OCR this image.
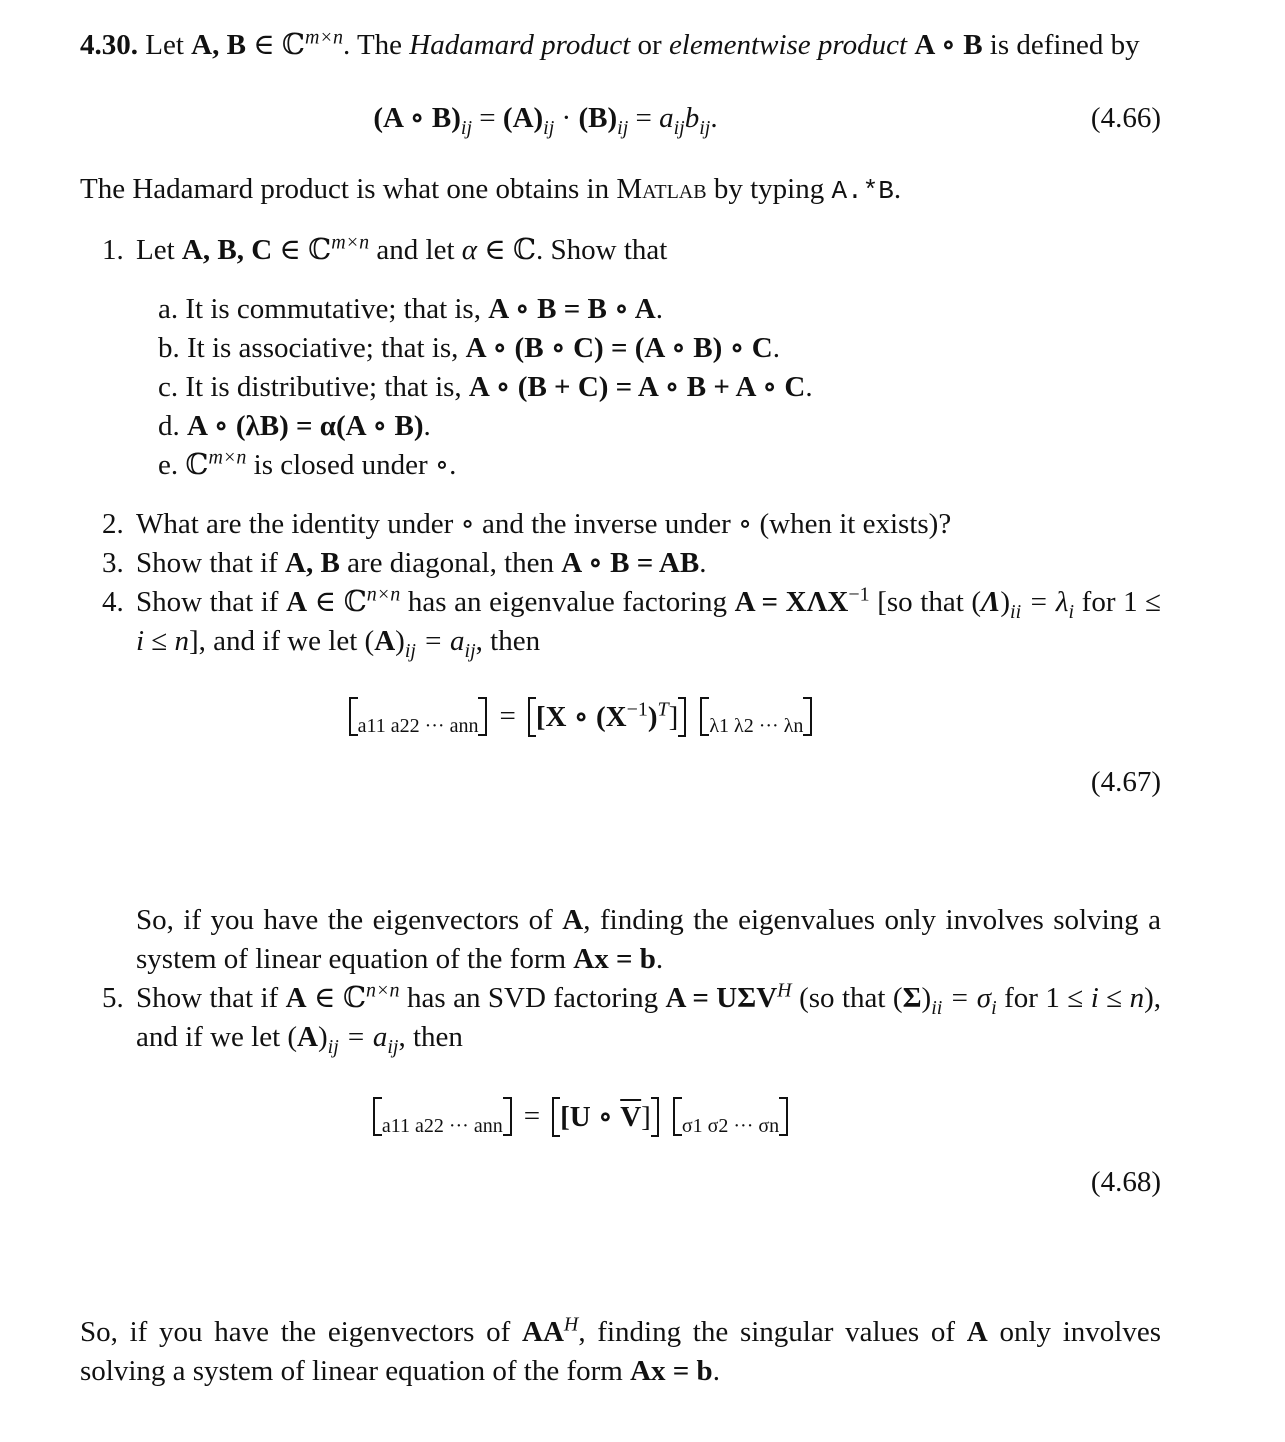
4.30. Let A, B ∈ ℂ$^{m\times n}$. The Hadamard product or elementwise product A ∘ B is defined by
(A ∘ $B)_{ij} = (A)_{ij} \cdot (B)_{ij} = a_{ij}b_{ij}$.	(4.66)
The Hadamard product is what one obtains in Matlab by typing A.*B.
1. Let A, B, C ∈ ℂ$^{m\times n}$ and let α ∈ ℂ. Show that
a. It is commutative; that is, A ∘ B = B ∘ A.
b. It is associative; that is, A ∘ (B ∘ C) = (A ∘ B) ∘ C.
c. It is distributive; that is, A ∘ (B + C) = A ∘ B + A ∘ C.
d. A ∘ (λB) = α(A ∘ B).
e. ℂ$^{m\times n}$ is closed under ∘.
2. What are the identity under ∘ and the inverse under ∘ (when it exists)?
3. Show that if A, B are diagonal, then A ∘ B = AB.
4. Show that if A ∈ ℂ$^{n\times n}$ has an eigenvalue factoring $A = X\Lambda X^{-1}$ [so that $(\Lambda)_{ii} = \lambda_i$ for 1 ≤ i ≤ n], and if we let $(A)_{ij} = a_{ij}$, then
$_{a11 a22 \cdot\cdot\cdot ann}$ = [X ∘ $(X^{-1})^T$]	$_{\lambda 1 \lambda 2 \cdot\cdot\cdot \lambda n}$
(4.67)
So, if you have the eigenvectors of A, finding the eigenvalues only involves solving a system of linear equation of the form Ax = b.
5. Show that if A ∈ ℂ$^{n\times n}$ has an SVD factoring $A = U\Sigma V^H$ (so that $(\Sigma)_{ii} = \sigma_i$ for 1 ≤ i ≤ n), and if we let $(A)_{ij} = a_{ij}$, then
$_{a11 a22 \cdot\cdot\cdot ann}$ = [U ∘ $\overline{V}$]	$_{\sigma 1 \sigma 2 \cdot\cdot\cdot \sigma n}$
(4.68)
So, if you have the eigenvectors of $AA^H$, finding the singular values of A only involves solving a system of linear equation of the form Ax = b.
